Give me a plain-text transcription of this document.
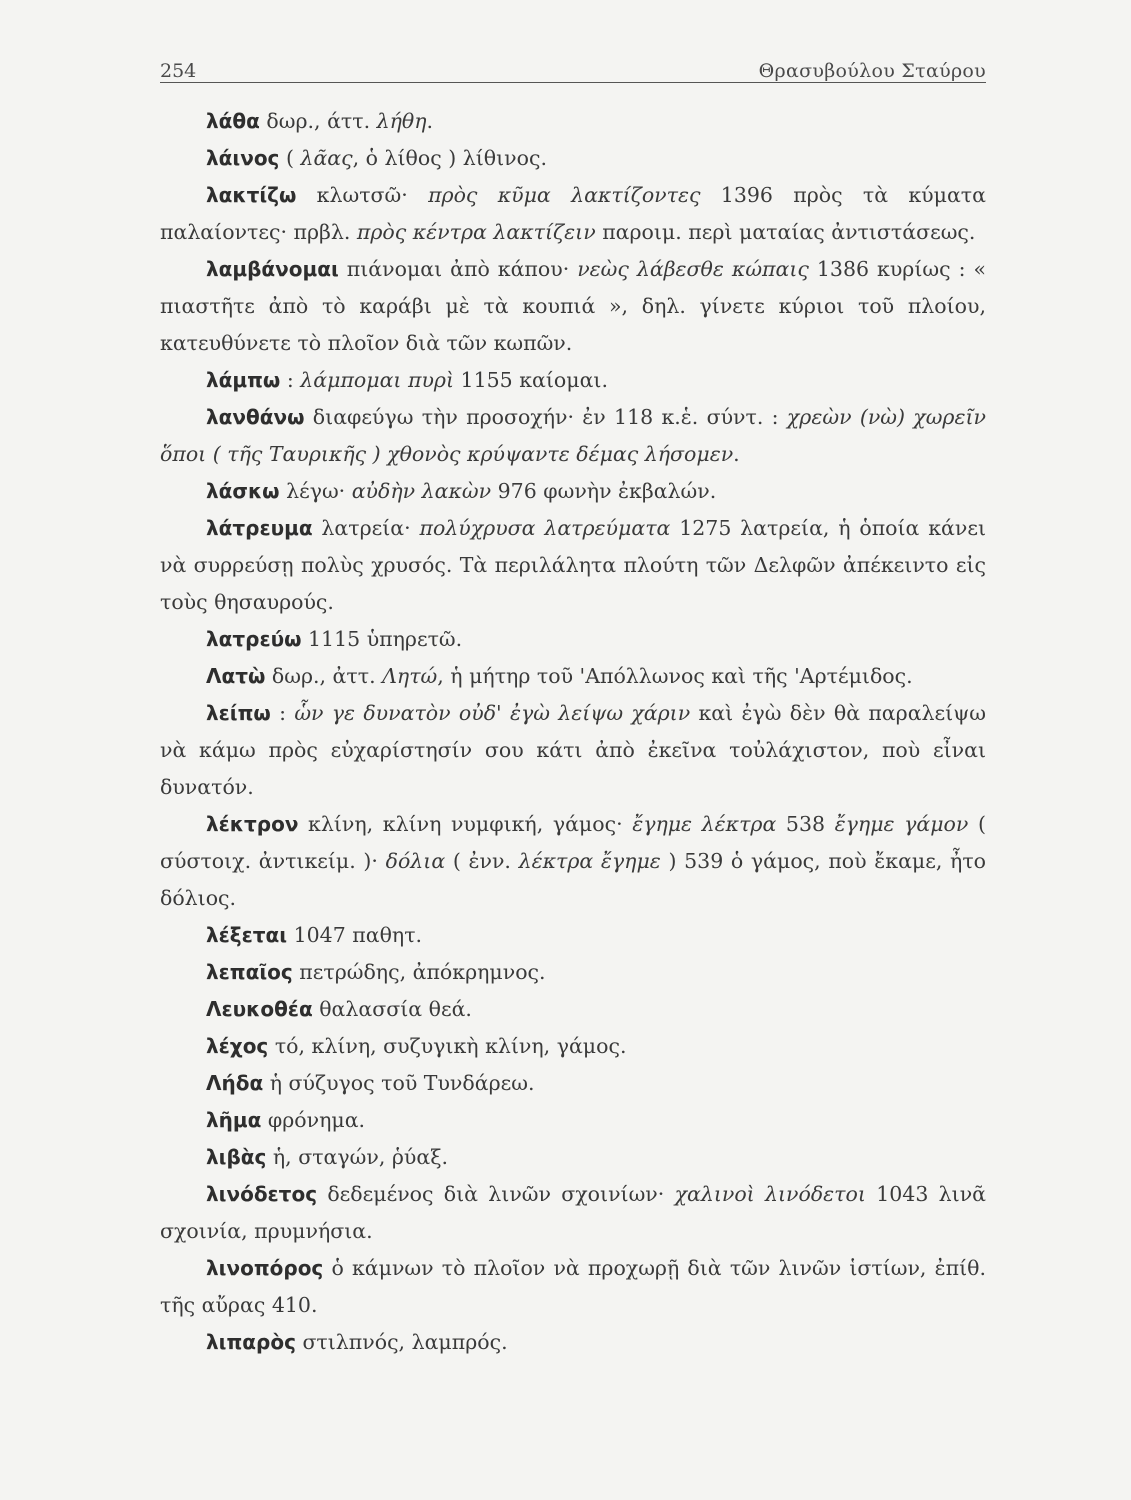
254	Θρασυβούλου Σταύρου

λάθα δωρ., άττ. λήθη.

λάινος ( λᾶας, ὁ λίθος ) λίθινος.

λακτίζω κλωτσῶ· πρὸς κῦμα λακτίζοντες 1396 πρὸς τὰ κύματα παλαίοντες· πρβλ. πρὸς κέντρα λακτίζειν παροιμ. περὶ ματαίας ἀντιστάσεως.

λαμβάνομαι πιάνομαι ἀπὸ κάπου· νεὼς λάβεσθε κώπαις 1386 κυρίως : « πιαστῆτε ἀπὸ τὸ καράβι μὲ τὰ κουπιά », δηλ. γίνετε κύριοι τοῦ πλοίου, κατευθύνετε τὸ πλοῖον διὰ τῶν κωπῶν.

λάμπω : λάμπομαι πυρὶ 1155 καίομαι.

λανθάνω διαφεύγω τὴν προσοχήν· ἐν 118 κ.ἑ. σύντ. : χρεὼν (νὼ) χωρεῖν ὅποι ( τῆς Ταυρικῆς ) χθονὸς κρύψαντε δέμας λήσομεν.

λάσκω λέγω· αὐδὴν λακὼν 976 φωνὴν ἐκβαλών.

λάτρευμα λατρεία· πολύχρυσα λατρεύματα 1275 λατρεία, ἡ ὁποία κάνει νὰ συρρεύσῃ πολὺς χρυσός. Τὰ περιλάλητα πλούτη τῶν Δελφῶν ἀπέκειντο εἰς τοὺς θησαυρούς.

λατρεύω 1115 ὑπηρετῶ.

Λατὼ δωρ., ἀττ. Λητώ, ἡ μήτηρ τοῦ 'Απόλλωνος καὶ τῆς 'Αρτέμιδος.

λείπω : ὧν γε δυνατὸν οὐδ' ἐγὼ λείψω χάριν καὶ ἐγὼ δὲν θὰ παραλείψω νὰ κάμω πρὸς εὐχαρίστησίν σου κάτι ἀπὸ ἐκεῖνα τοὐλάχιστον, ποὺ εἶναι δυνατόν.

λέκτρον κλίνη, κλίνη νυμφική, γάμος· ἔγημε λέκτρα 538 ἔγημε γάμον ( σύστοιχ. ἀντικείμ. )· δόλια ( ἐνν. λέκτρα ἔγημε ) 539 ὁ γάμος, ποὺ ἔκαμε, ἦτο δόλιος.

λέξεται 1047 παθητ.

λεπαῖος πετρώδης, ἀπόκρημνος.

Λευκοθέα θαλασσία θεά.

λέχος τό, κλίνη, συζυγικὴ κλίνη, γάμος.

Λήδα ἡ σύζυγος τοῦ Τυνδάρεω.

λῆμα φρόνημα.

λιβὰς ἡ, σταγών, ῥύαξ.

λινόδετος δεδεμένος διὰ λινῶν σχοινίων· χαλινοὶ λινόδετοι 1043 λινᾶ σχοινία, πρυμνήσια.

λινοπόρος ὁ κάμνων τὸ πλοῖον νὰ προχωρῇ διὰ τῶν λινῶν ἱστίων, ἐπίθ. τῆς αὔρας 410.

λιπαρὸς στιλπνός, λαμπρός.
